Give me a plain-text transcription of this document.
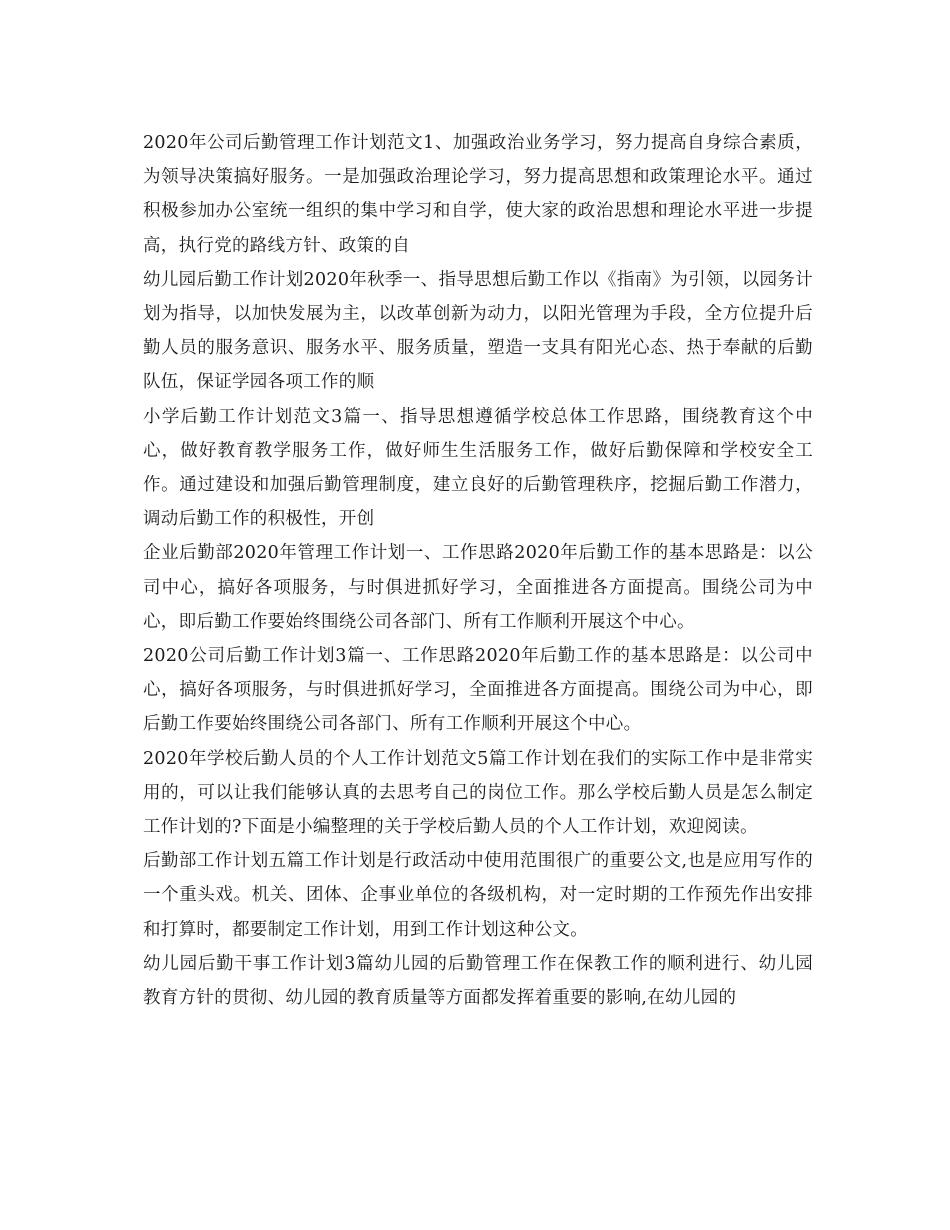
2020年公司后勤管理工作计划范文1、加强政治业务学习，努力提高自身综合素质，为领导决策搞好服务。一是加强政治理论学习，努力提高思想和政策理论水平。通过积极参加办公室统一组织的集中学习和自学，使大家的政治思想和理论水平进一步提高，执行党的路线方针、政策的自

幼儿园后勤工作计划2020年秋季一、指导思想后勤工作以《指南》为引领，以园务计划为指导，以加快发展为主，以改革创新为动力，以阳光管理为手段，全方位提升后勤人员的服务意识、服务水平、服务质量，塑造一支具有阳光心态、热于奉献的后勤队伍，保证学园各项工作的顺

小学后勤工作计划范文3篇一、指导思想遵循学校总体工作思路，围绕教育这个中心，做好教育教学服务工作，做好师生生活服务工作，做好后勤保障和学校安全工作。通过建设和加强后勤管理制度，建立良好的后勤管理秩序，挖掘后勤工作潜力，调动后勤工作的积极性，开创

企业后勤部2020年管理工作计划一、工作思路2020年后勤工作的基本思路是：以公司中心，搞好各项服务，与时俱进抓好学习，全面推进各方面提高。围绕公司为中心，即后勤工作要始终围绕公司各部门、所有工作顺利开展这个中心。

2020公司后勤工作计划3篇一、工作思路2020年后勤工作的基本思路是：以公司中心，搞好各项服务，与时俱进抓好学习，全面推进各方面提高。围绕公司为中心，即后勤工作要始终围绕公司各部门、所有工作顺利开展这个中心。

2020年学校后勤人员的个人工作计划范文5篇工作计划在我们的实际工作中是非常实用的，可以让我们能够认真的去思考自己的岗位工作。那么学校后勤人员是怎么制定工作计划的?下面是小编整理的关于学校后勤人员的个人工作计划，欢迎阅读。

后勤部工作计划五篇工作计划是行政活动中使用范围很广的重要公文,也是应用写作的一个重头戏。机关、团体、企事业单位的各级机构，对一定时期的工作预先作出安排和打算时，都要制定工作计划，用到工作计划这种公文。

幼儿园后勤干事工作计划3篇幼儿园的后勤管理工作在保教工作的顺利进行、幼儿园教育方针的贯彻、幼儿园的教育质量等方面都发挥着重要的影响,在幼儿园的
